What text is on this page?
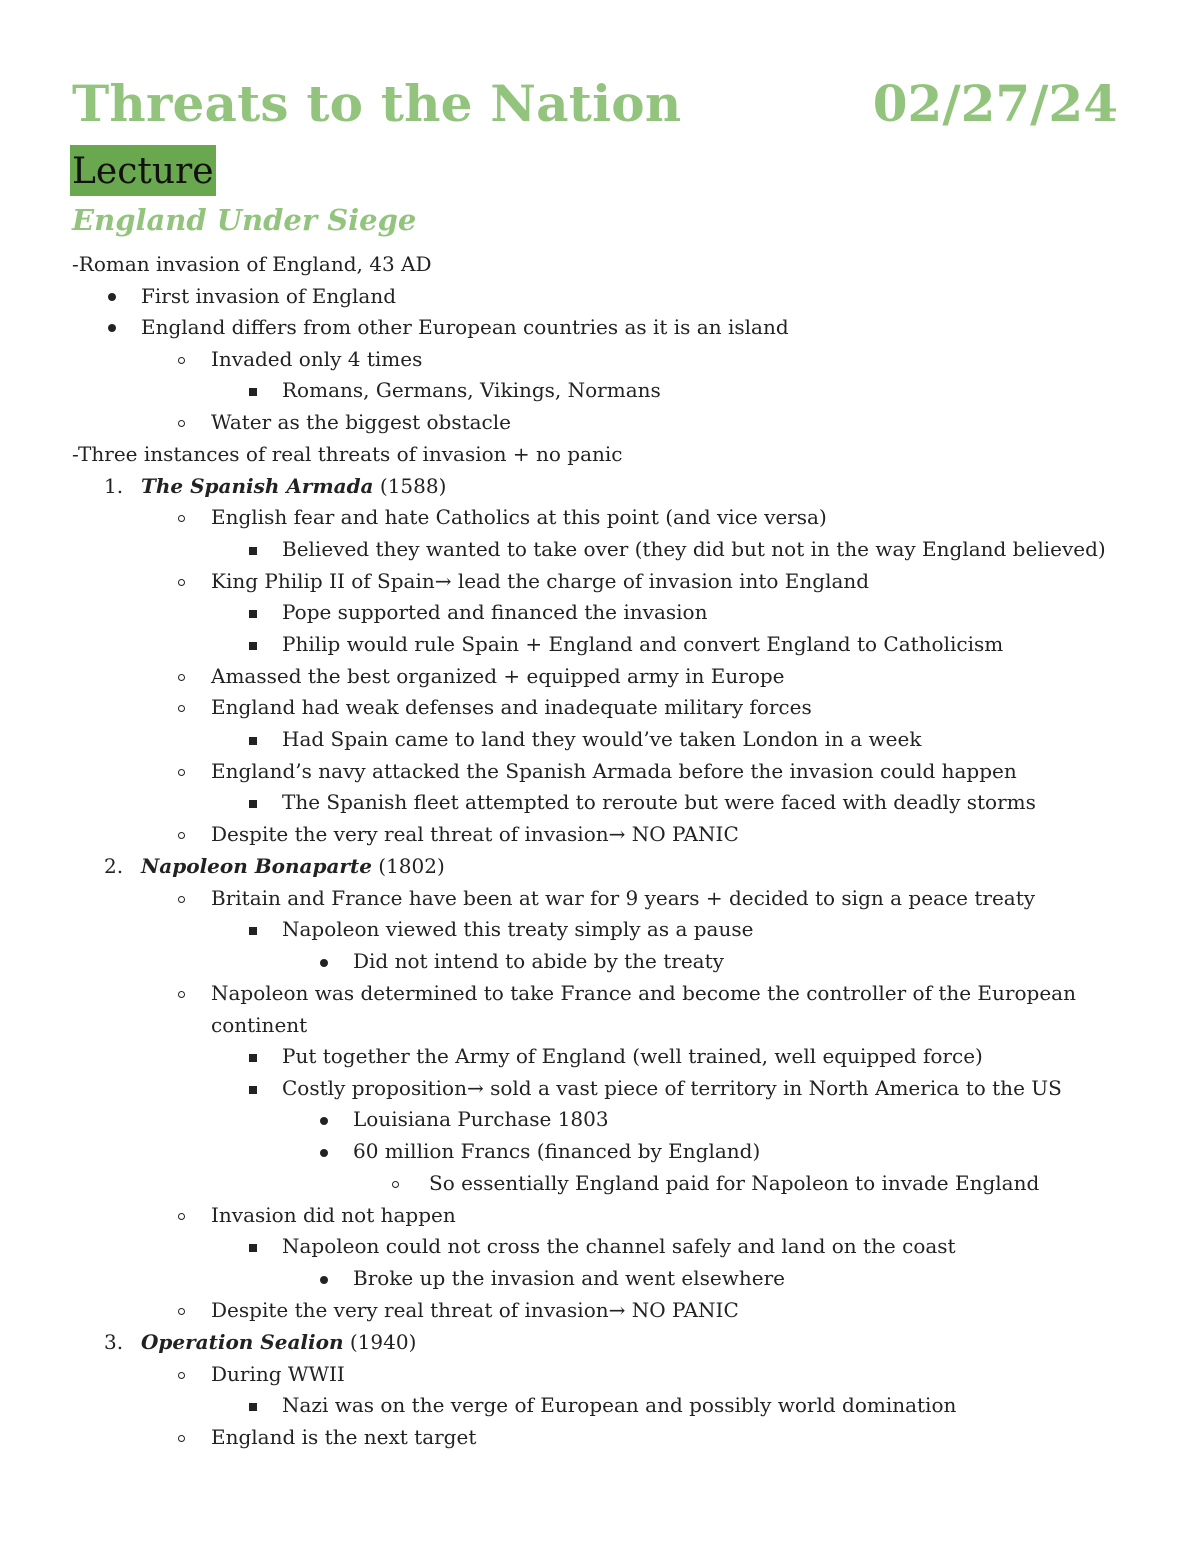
Threats to the Nation	02/27/24
Lecture
England Under Siege
-Roman invasion of England, 43 AD
First invasion of England
England differs from other European countries as it is an island
Invaded only 4 times
Romans, Germans, Vikings, Normans
Water as the biggest obstacle
-Three instances of real threats of invasion + no panic
1. The Spanish Armada (1588)
English fear and hate Catholics at this point (and vice versa)
Believed they wanted to take over (they did but not in the way England believed)
King Philip II of Spain→ lead the charge of invasion into England
Pope supported and financed the invasion
Philip would rule Spain + England and convert England to Catholicism
Amassed the best organized + equipped army in Europe
England had weak defenses and inadequate military forces
Had Spain came to land they would’ve taken London in a week
England’s navy attacked the Spanish Armada before the invasion could happen
The Spanish fleet attempted to reroute but were faced with deadly storms
Despite the very real threat of invasion→ NO PANIC
2. Napoleon Bonaparte (1802)
Britain and France have been at war for 9 years + decided to sign a peace treaty
Napoleon viewed this treaty simply as a pause
Did not intend to abide by the treaty
Napoleon was determined to take France and become the controller of the European
continent
Put together the Army of England (well trained, well equipped force)
Costly proposition→ sold a vast piece of territory in North America to the US
Louisiana Purchase 1803
60 million Francs (financed by England)
So essentially England paid for Napoleon to invade England
Invasion did not happen
Napoleon could not cross the channel safely and land on the coast
Broke up the invasion and went elsewhere
Despite the very real threat of invasion→ NO PANIC
3. Operation Sealion (1940)
During WWII
Nazi was on the verge of European and possibly world domination
England is the next target
